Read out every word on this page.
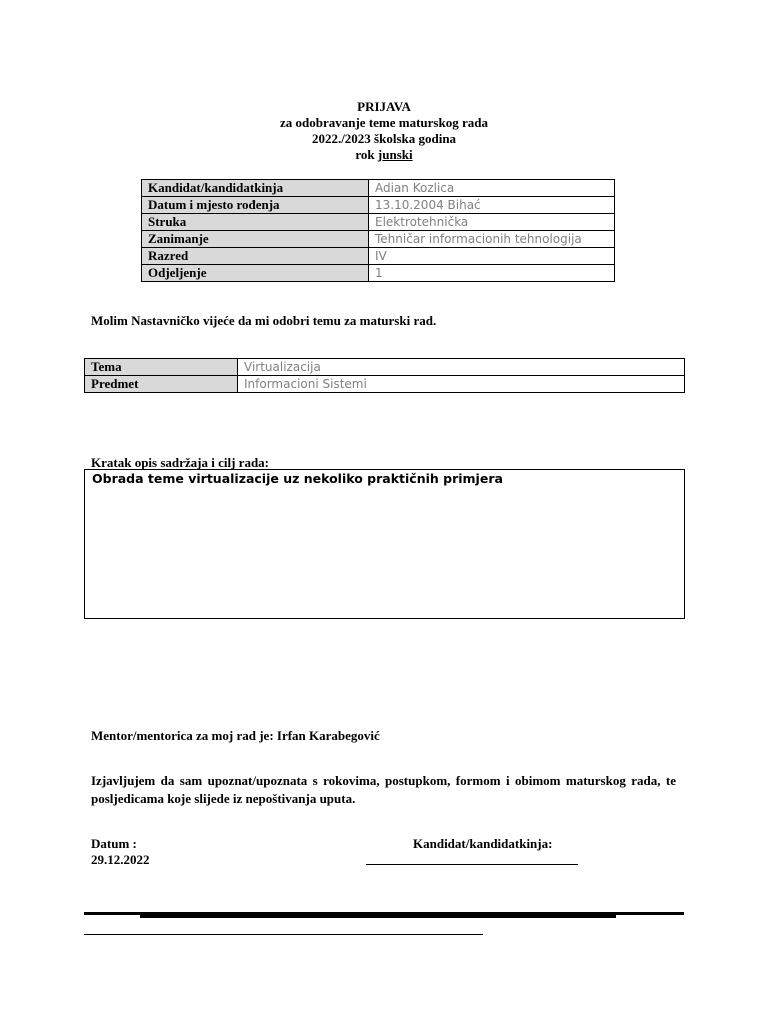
PRIJAVA
za odobravanje teme maturskog rada
2022./2023 školska godina
rok junski
Kandidat/kandidatkinja	Adian Kozlica
Datum i mjesto rođenja	13.10.2004 Bihać
Struka	Elektrotehnička
Zanimanje	Tehničar informacionih tehnologija
Razred	IV
Odjeljenje	1
Molim Nastavničko vijeće da mi odobri temu za maturski rad.
Tema	Virtualizacija
Predmet	Informacioni Sistemi
Kratak opis sadržaja i cilj rada:
Obrada teme virtualizacije uz nekoliko praktičnih primjera
Mentor/mentorica za moj rad je: Irfan Karabegović
Izjavljujem da sam upoznat/upoznata s rokovima, postupkom, formom i obimom maturskog rada, te posljedicama koje slijede iz nepoštivanja uputa.
Datum :
29.12.2022
Kandidat/kandidatkinja:
